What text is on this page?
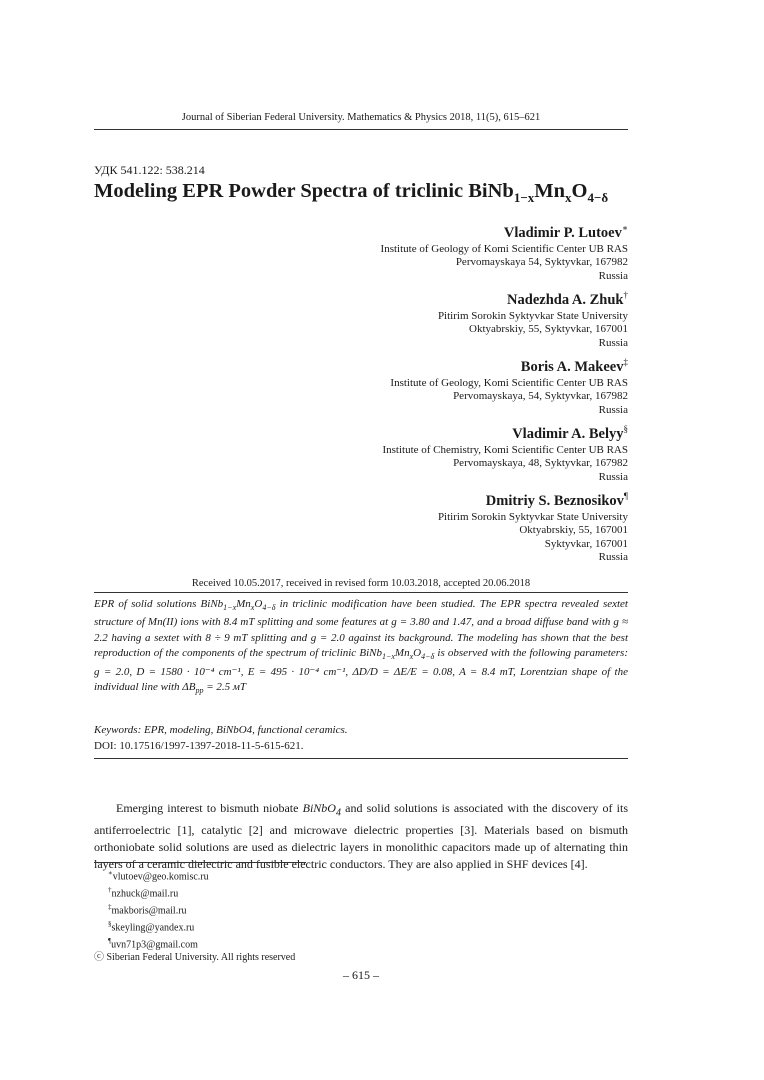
Journal of Siberian Federal University. Mathematics & Physics 2018, 11(5), 615–621
УДК 541.122: 538.214
Modeling EPR Powder Spectra of triclinic $BiNb_{1-x}Mn_xO_{4-\delta}$
Vladimir P. Lutoev∗
Institute of Geology of Komi Scientific Center UB RAS
Pervomayskaya 54, Syktyvkar, 167982
Russia
Nadezhda A. Zhuk†
Pitirim Sorokin Syktyvkar State University
Oktyabrskiy, 55, Syktyvkar, 167001
Russia
Boris A. Makeev‡
Institute of Geology, Komi Scientific Center UB RAS
Pervomayskaya, 54, Syktyvkar, 167982
Russia
Vladimir A. Belyy§
Institute of Chemistry, Komi Scientific Center UB RAS
Pervomayskaya, 48, Syktyvkar, 167982
Russia
Dmitriy S. Beznosikov¶
Pitirim Sorokin Syktyvkar State University
Oktyabrskiy, 55, 167001
Syktyvkar, 167001
Russia
Received 10.05.2017, received in revised form 10.03.2018, accepted 20.06.2018
EPR of solid solutions $BiNb_{1-x}Mn_xO_{4-\delta}$ in triclinic modification have been studied. The EPR spectra revealed sextet structure of Mn(II) ions with 8.4 mT splitting and some features at g = 3.80 and 1.47, and a broad diffuse band with g ≈ 2.2 having a sextet with 8 ÷ 9 mT splitting and g = 2.0 against its background. The modeling has shown that the best reproduction of the components of the spectrum of triclinic $BiNb_{1-x}Mn_xO_{4-\delta}$ is observed with the following parameters: g = 2.0, D = 1580 · 10⁻⁴ cm⁻¹, E = 495 · 10⁻⁴ cm⁻¹, ΔD/D = ΔE/E = 0.08, A = 8.4 mT, Lorentzian shape of the individual line with $\Delta B_{pp} = 2.5$ мT
Keywords: EPR, modeling, BiNbO4, functional ceramics.
DOI: 10.17516/1997-1397-2018-11-5-615-621.

Emerging interest to bismuth niobate BiNbO$_4$ and solid solutions is associated with the discovery of its antiferroelectric [1], catalytic [2] and microwave dielectric properties [3]. Materials based on bismuth orthoniobate solid solutions are used as dielectric layers in monolithic capacitors made up of alternating thin layers of a ceramic dielectric and fusible electric conductors. They are also applied in SHF devices [4].

∗vlutoev@geo.komisc.ru
†nzhuck@mail.ru
‡makboris@mail.ru
§skeyling@yandex.ru
¶uvn71p3@gmail.com
ⓒ Siberian Federal University. All rights reserved
– 615 –
